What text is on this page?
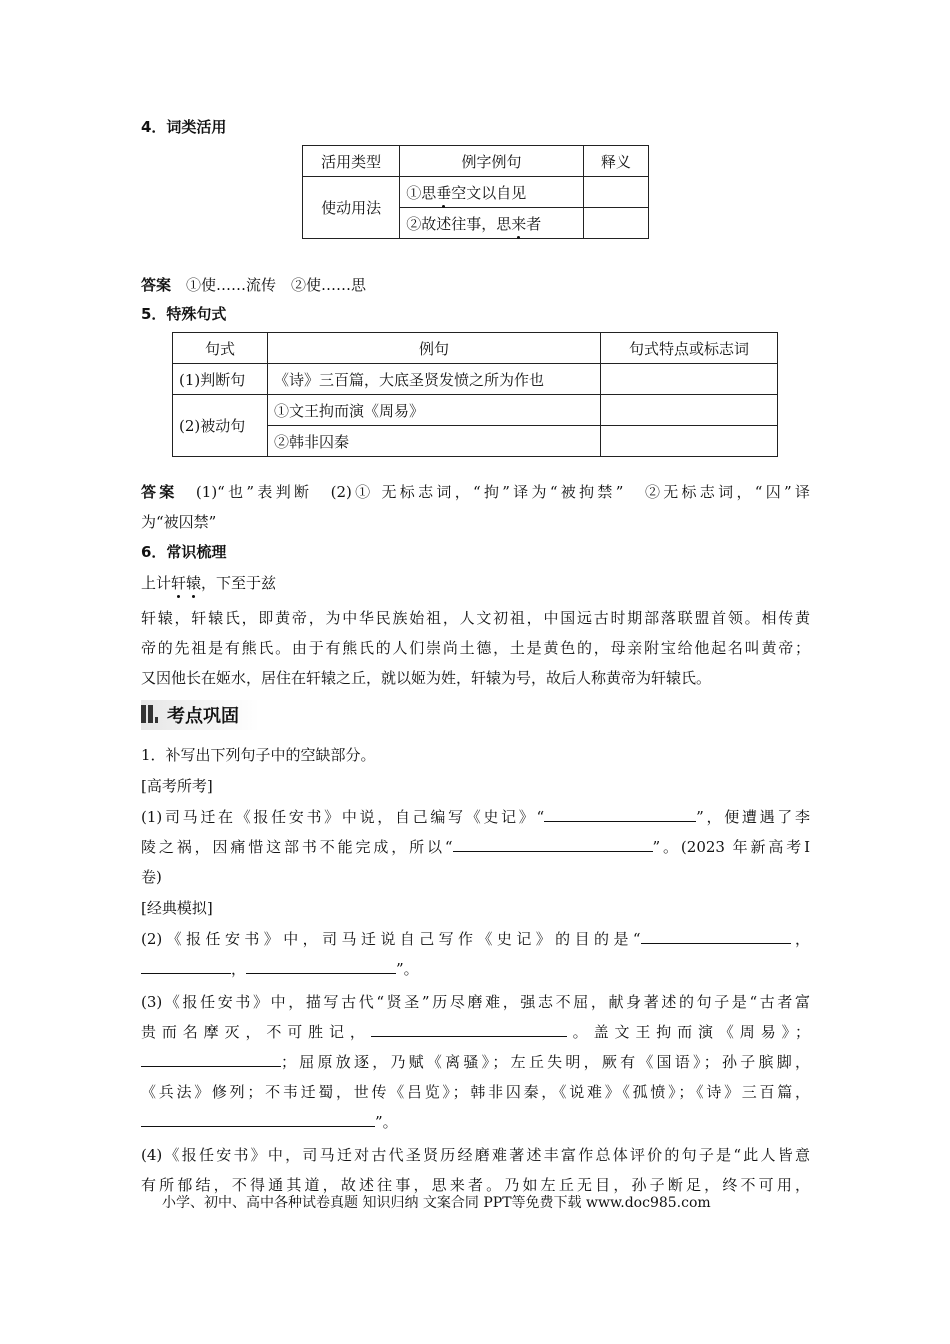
4．词类活用
活用类型	例字例句	释义
使动用法	①思垂空文以自见	
	②故述往事，思来者	
答案　 ①使……流传　②使……思
5．特殊句式
句式	例句	句式特点或标志词
(1)判断句	《诗》三百篇，大底圣贤发愤之所为作也	
(2)被动句	①文王拘而演《周易》	
	②韩非囚秦	
答案　 (1)“也”表判断　(2)① 无标志词，“拘”译为“被拘禁”　②无标志词，“囚”译
为“被囚禁”
6．常识梳理
上计轩辕，下至于兹
轩辕，轩辕氏，即黄帝，为中华民族始祖，人文初祖，中国远古时期部落联盟首领。相传黄
帝的先祖是有熊氏。由于有熊氏的人们崇尚土德，土是黄色的，母亲附宝给他起名叫黄帝；
又因他长在姬水，居住在轩辕之丘，就以姬为姓，轩辕为号，故后人称黄帝为轩辕氏。
考点巩固
1．补写出下列句子中的空缺部分。
[高考所考]
(1)司马迁在《报任安书》中说，自己编写《史记》“	”，便遭遇了李
陵之祸，因痛惜这部书不能完成，所以“	”。(2023 年新高考Ⅰ
卷)
[经典模拟]
(2)《报任安书》中，司马迁说自己写作《史记》的目的是“	，
，	”。
(3)《报任安书》中，描写古代“贤圣”历尽磨难，强志不屈，献身著述的句子是“古者富
贵而名摩灭，不可胜记，	。盖文王拘而演《周易》；
；屈原放逐，乃赋《离骚》；左丘失明，厥有《国语》；孙子膑脚，
《兵法》修列；不韦迁蜀，世传《吕览》；韩非囚秦，《说难》《孤愤》；《诗》三百篇，
”。
(4)《报任安书》中，司马迁对古代圣贤历经磨难著述丰富作总体评价的句子是“此人皆意
有所郁结，不得通其道，故述往事，思来者。乃如左丘无目，孙子断足，终不可用，
小学、初中、高中各种试卷真题 知识归纳 文案合同 PPT等免费下载 www.doc985.com
